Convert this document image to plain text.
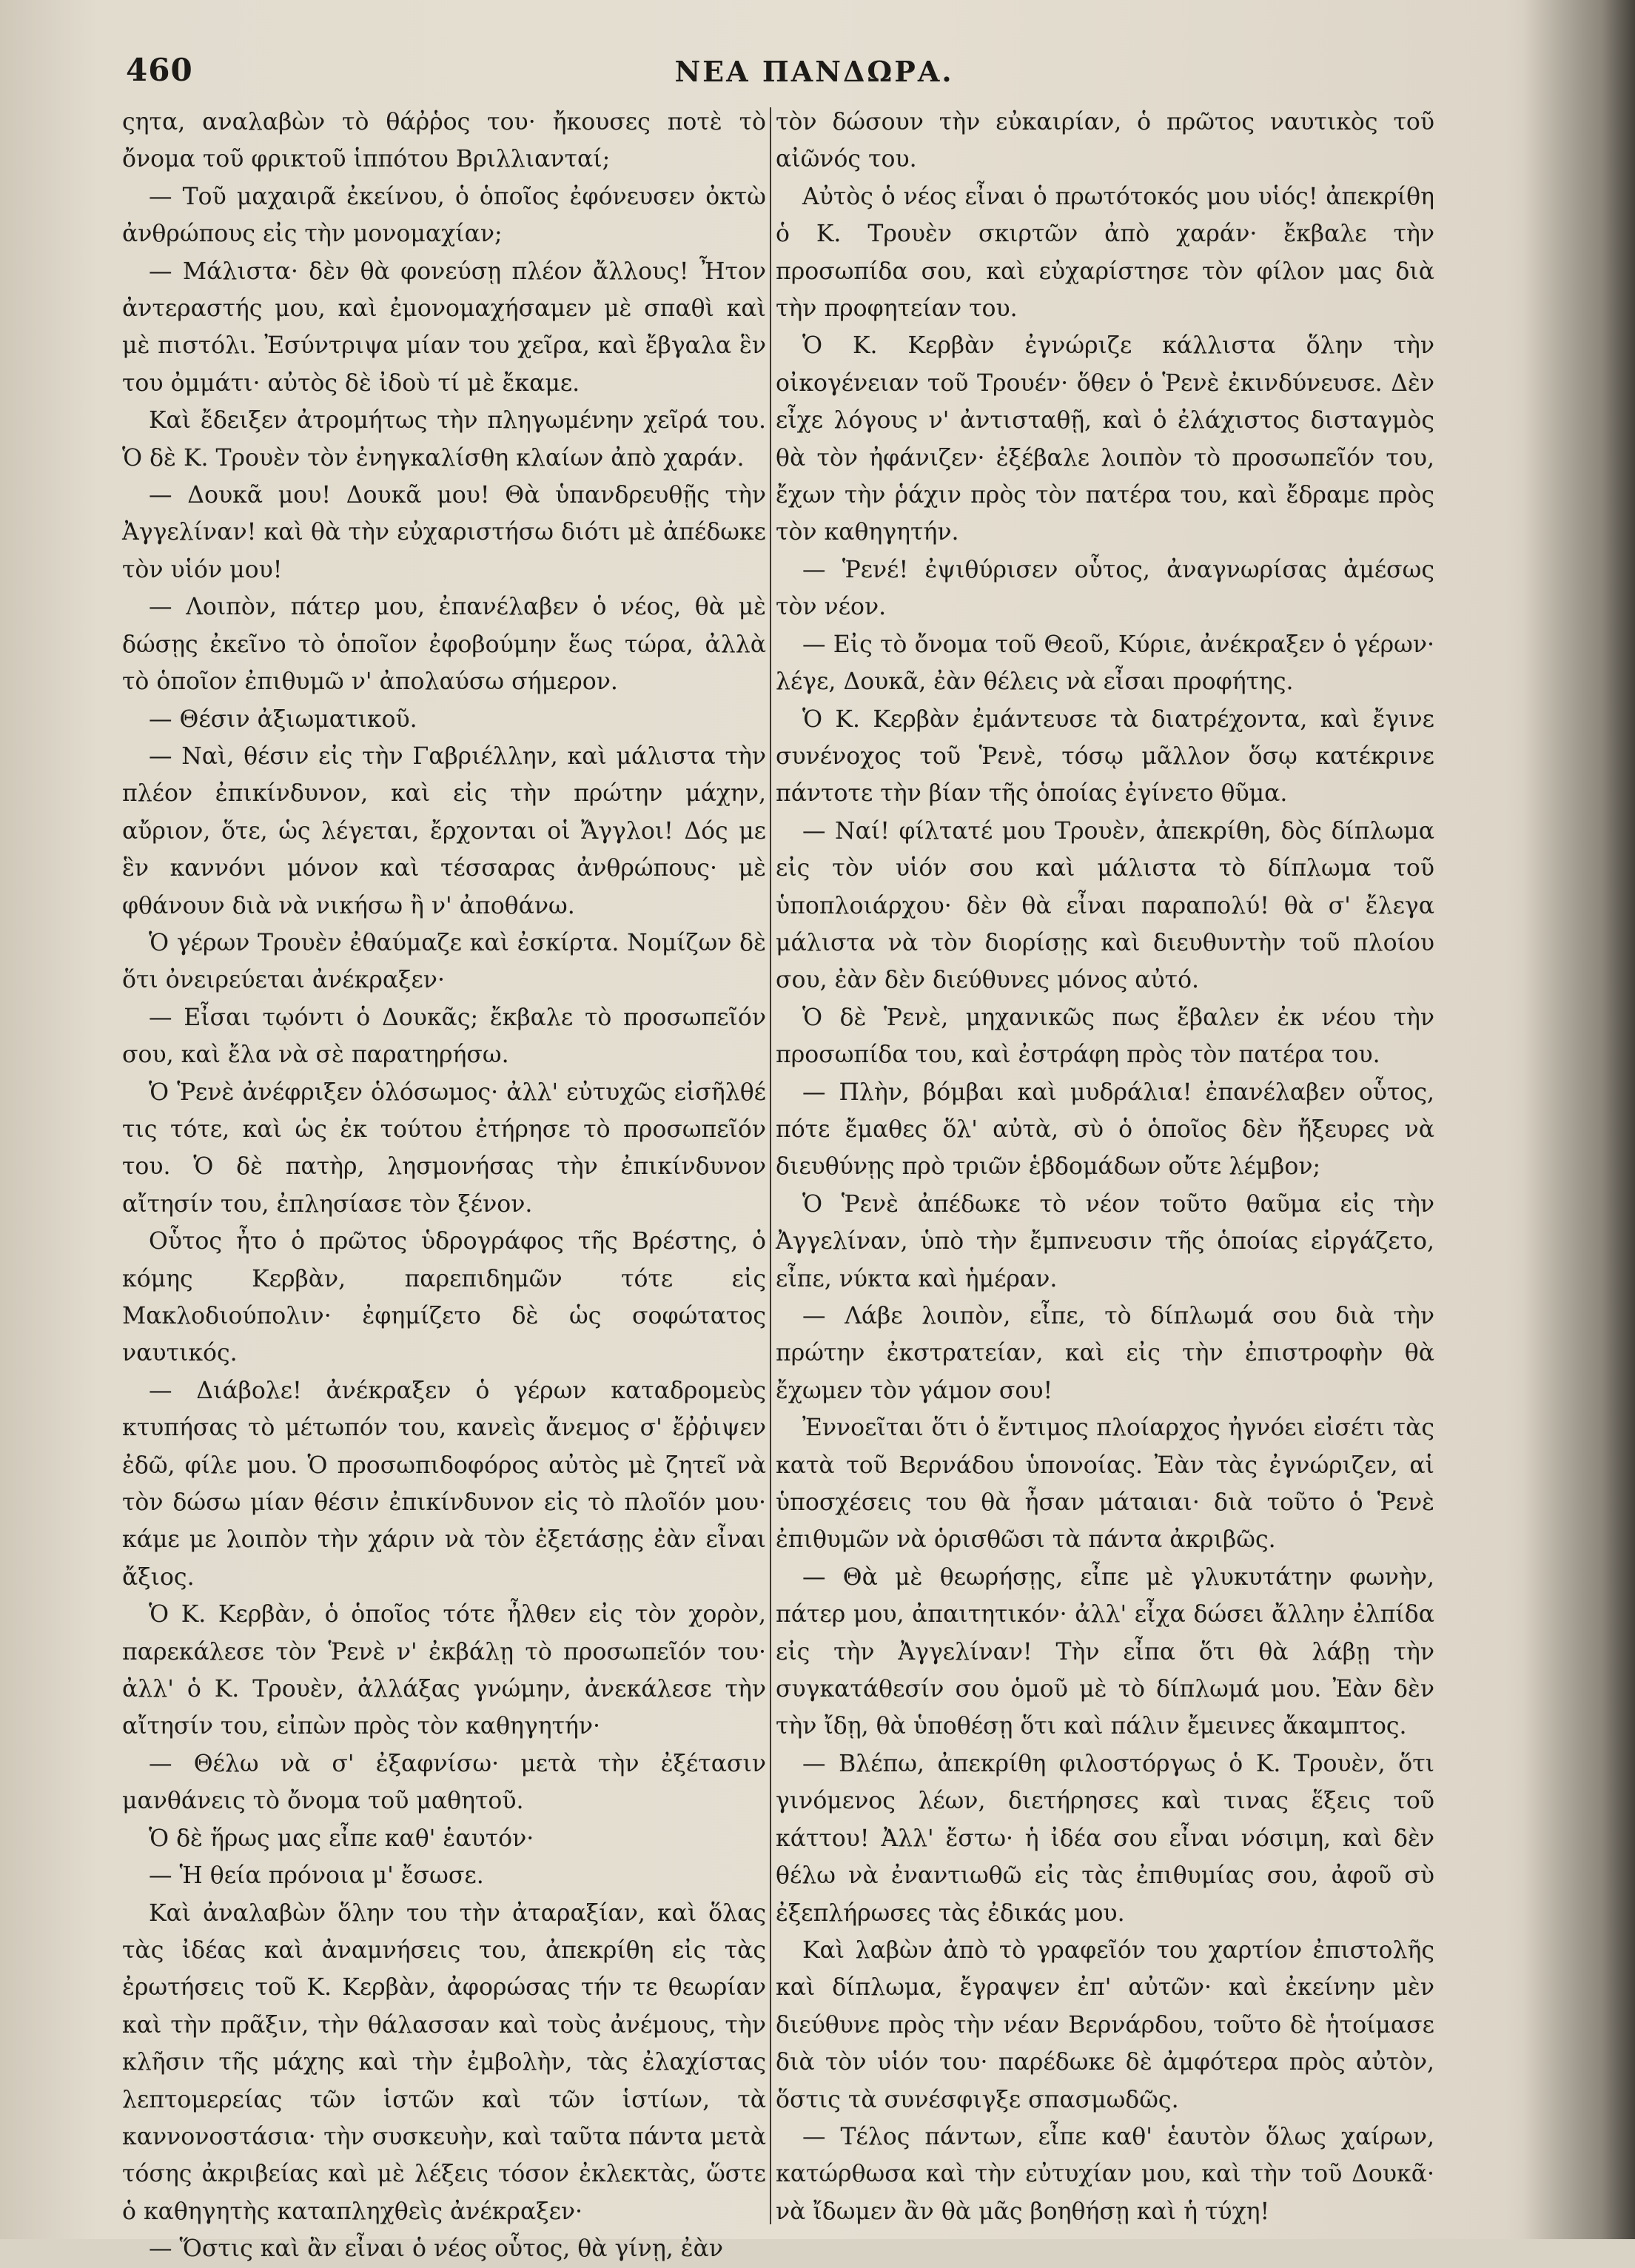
460	ΝΕΑ ΠΑΝΔΩΡΑ.

ςητα, αναλαβὼν τὸ θάῤῥος του· ἤκουσες ποτὲ τὸ ὄνομα τοῦ φρικτοῦ ἱππότου Βριλλιανταί;

— Τοῦ μαχαιρᾶ ἐκείνου, ὁ ὁποῖος ἐφόνευσεν ὀκτὼ ἀνθρώπους εἰς τὴν μονομαχίαν;

— Μάλιστα· δὲν θὰ φονεύσῃ πλέον ἄλλους! Ἦτον ἀντεραστής μου, καὶ ἐμονομαχήσαμεν μὲ σπαθὶ καὶ μὲ πιστόλι. Ἐσύντριψα μίαν του χεῖρα, καὶ ἔβγαλα ἓν του ὀμμάτι· αὐτὸς δὲ ἰδοὺ τί μὲ ἔκαμε.

Καὶ ἔδειξεν ἀτρομήτως τὴν πληγωμένην χεῖρά του. Ὁ δὲ Κ. Τρουὲν τὸν ἐνηγκαλίσθη κλαίων ἀπὸ χαράν.

— Δουκᾶ μου! Δουκᾶ μου! Θὰ ὑπανδρευθῇς τὴν Ἀγγελίναν! καὶ θὰ τὴν εὐχαριστήσω διότι μὲ ἀπέδωκε τὸν υἱόν μου!

— Λοιπὸν, πάτερ μου, ἐπανέλαβεν ὁ νέος, θὰ μὲ δώσῃς ἐκεῖνο τὸ ὁποῖον ἐφοβούμην ἕως τώρα, ἀλλὰ τὸ ὁποῖον ἐπιθυμῶ ν' ἀπολαύσω σήμερον.

— Θέσιν ἀξιωματικοῦ.

— Ναὶ, θέσιν εἰς τὴν Γαβριέλλην, καὶ μάλιστα τὴν πλέον ἐπικίνδυνον, καὶ εἰς τὴν πρώτην μάχην, αὔριον, ὅτε, ὡς λέγεται, ἔρχονται οἱ Ἄγγλοι! Δός με ἓν καννόνι μόνον καὶ τέσσαρας ἀνθρώπους· μὲ φθάνουν διὰ νὰ νικήσω ἢ ν' ἀποθάνω.

Ὁ γέρων Τρουὲν ἐθαύμαζε καὶ ἐσκίρτα. Νομίζων δὲ ὅτι ὀνειρεύεται ἀνέκραξεν·

— Εἶσαι τῳόντι ὁ Δουκᾶς; ἔκβαλε τὸ προσωπεῖόν σου, καὶ ἔλα νὰ σὲ παρατηρήσω.

Ὁ Ῥενὲ ἀνέφριξεν ὁλόσωμος· ἀλλ' εὐτυχῶς εἰσῆλθέ τις τότε, καὶ ὡς ἐκ τούτου ἐτήρησε τὸ προσωπεῖόν του. Ὁ δὲ πατὴρ, λησμονήσας τὴν ἐπικίνδυνον αἴτησίν του, ἐπλησίασε τὸν ξένον.

Οὗτος ἦτο ὁ πρῶτος ὑδρογράφος τῆς Βρέστης, ὁ κόμης Κερβὰν, παρεπιδημῶν τότε εἰς Μακλοδιούπολιν· ἐφημίζετο δὲ ὡς σοφώτατος ναυτικός.

— Διάβολε! ἀνέκραξεν ὁ γέρων καταδρομεὺς κτυπήσας τὸ μέτωπόν του, κανεὶς ἄνεμος σ' ἔῤῥιψεν ἐδῶ, φίλε μου. Ὁ προσωπιδοφόρος αὐτὸς μὲ ζητεῖ νὰ τὸν δώσω μίαν θέσιν ἐπικίνδυνον εἰς τὸ πλοῖόν μου· κάμε με λοιπὸν τὴν χάριν νὰ τὸν ἐξετάσῃς ἐὰν εἶναι ἄξιος.

Ὁ Κ. Κερβὰν, ὁ ὁποῖος τότε ἦλθεν εἰς τὸν χορὸν, παρεκάλεσε τὸν Ῥενὲ ν' ἐκβάλῃ τὸ προσωπεῖόν του· ἀλλ' ὁ Κ. Τρουὲν, ἀλλάξας γνώμην, ἀνεκάλεσε τὴν αἴτησίν του, εἰπὼν πρὸς τὸν καθηγητήν·

— Θέλω νὰ σ' ἐξαφνίσω· μετὰ τὴν ἐξέτασιν μανθάνεις τὸ ὄνομα τοῦ μαθητοῦ.

Ὁ δὲ ἥρως μας εἶπε καθ' ἑαυτόν·

— Ἡ θεία πρόνοια μ' ἔσωσε.

Καὶ ἀναλαβὼν ὅλην του τὴν ἀταραξίαν, καὶ ὅλας τὰς ἰδέας καὶ ἀναμνήσεις του, ἀπεκρίθη εἰς τὰς ἐρωτήσεις τοῦ Κ. Κερβὰν, ἀφορώσας τήν τε θεωρίαν καὶ τὴν πρᾶξιν, τὴν θάλασσαν καὶ τοὺς ἀνέμους, τὴν κλῆσιν τῆς μάχης καὶ τὴν ἐμβολὴν, τὰς ἐλαχίστας λεπτομερείας τῶν ἱστῶν καὶ τῶν ἱστίων, τὰ καννονοστάσια· τὴν συσκευὴν, καὶ ταῦτα πάντα μετὰ τόσης ἀκριβείας καὶ μὲ λέξεις τόσον ἐκλεκτὰς, ὥστε ὁ καθηγητὴς καταπληχθεὶς ἀνέκραξεν·

— Ὅστις καὶ ἂν εἶναι ὁ νέος οὗτος, θὰ γίνῃ, ἐὰν

τὸν δώσουν τὴν εὐκαιρίαν, ὁ πρῶτος ναυτικὸς τοῦ αἰῶνός του.

Αὐτὸς ὁ νέος εἶναι ὁ πρωτότοκός μου υἱός! ἀπεκρίθη ὁ Κ. Τρουὲν σκιρτῶν ἀπὸ χαράν· ἔκβαλε τὴν προσωπίδα σου, καὶ εὐχαρίστησε τὸν φίλον μας διὰ τὴν προφητείαν του.

Ὁ Κ. Κερβὰν ἐγνώριζε κάλλιστα ὅλην τὴν οἰκογένειαν τοῦ Τρουέν· ὅθεν ὁ Ῥενὲ ἐκινδύνευσε. Δὲν εἶχε λόγους ν' ἀντισταθῇ, καὶ ὁ ἐλάχιστος δισταγμὸς θὰ τὸν ἠφάνιζεν· ἐξέβαλε λοιπὸν τὸ προσωπεῖόν του, ἔχων τὴν ῥάχιν πρὸς τὸν πατέρα του, καὶ ἔδραμε πρὸς τὸν καθηγητήν.

— Ῥενέ! ἐψιθύρισεν οὗτος, ἀναγνωρίσας ἀμέσως τὸν νέον.

— Εἰς τὸ ὄνομα τοῦ Θεοῦ, Κύριε, ἀνέκραξεν ὁ γέρων· λέγε, Δουκᾶ, ἐὰν θέλεις νὰ εἶσαι προφήτης.

Ὁ Κ. Κερβὰν ἐμάντευσε τὰ διατρέχοντα, καὶ ἔγινε συνένοχος τοῦ Ῥενὲ, τόσῳ μᾶλλον ὅσῳ κατέκρινε πάντοτε τὴν βίαν τῆς ὁποίας ἐγίνετο θῦμα.

— Ναί! φίλτατέ μου Τρουὲν, ἀπεκρίθη, δὸς δίπλωμα εἰς τὸν υἱόν σου καὶ μάλιστα τὸ δίπλωμα τοῦ ὑποπλοιάρχου· δὲν θὰ εἶναι παραπολύ! θὰ σ' ἔλεγα μάλιστα νὰ τὸν διορίσῃς καὶ διευθυντὴν τοῦ πλοίου σου, ἐὰν δὲν διεύθυνες μόνος αὐτό.

Ὁ δὲ Ῥενὲ, μηχανικῶς πως ἔβαλεν ἐκ νέου τὴν προσωπίδα του, καὶ ἐστράφη πρὸς τὸν πατέρα του.

— Πλὴν, βόμβαι καὶ μυδράλια! ἐπανέλαβεν οὗτος, πότε ἔμαθες ὅλ' αὐτὰ, σὺ ὁ ὁποῖος δὲν ἤξευρες νὰ διευθύνῃς πρὸ τριῶν ἑβδομάδων οὔτε λέμβον;

Ὁ Ῥενὲ ἀπέδωκε τὸ νέον τοῦτο θαῦμα εἰς τὴν Ἀγγελίναν, ὑπὸ τὴν ἔμπνευσιν τῆς ὁποίας εἰργάζετο, εἶπε, νύκτα καὶ ἡμέραν.

— Λάβε λοιπὸν, εἶπε, τὸ δίπλωμά σου διὰ τὴν πρώτην ἐκστρατείαν, καὶ εἰς τὴν ἐπιστροφὴν θὰ ἔχωμεν τὸν γάμον σου!

Ἐννοεῖται ὅτι ὁ ἔντιμος πλοίαρχος ἠγνόει εἰσέτι τὰς κατὰ τοῦ Βερνάδου ὑπονοίας. Ἐὰν τὰς ἐγνώριζεν, αἱ ὑποσχέσεις του θὰ ἦσαν μάταιαι· διὰ τοῦτο ὁ Ῥενὲ ἐπιθυμῶν νὰ ὁρισθῶσι τὰ πάντα ἀκριβῶς.

— Θὰ μὲ θεωρήσῃς, εἶπε μὲ γλυκυτάτην φωνὴν, πάτερ μου, ἀπαιτητικόν· ἀλλ' εἶχα δώσει ἄλλην ἐλπίδα εἰς τὴν Ἀγγελίναν! Τὴν εἶπα ὅτι θὰ λάβῃ τὴν συγκατάθεσίν σου ὁμοῦ μὲ τὸ δίπλωμά μου. Ἐὰν δὲν τὴν ἴδῃ, θὰ ὑποθέσῃ ὅτι καὶ πάλιν ἔμεινες ἄκαμπτος.

— Βλέπω, ἀπεκρίθη φιλοστόργως ὁ Κ. Τρουὲν, ὅτι γινόμενος λέων, διετήρησες καὶ τινας ἕξεις τοῦ κάττου! Ἀλλ' ἔστω· ἡ ἰδέα σου εἶναι νόσιμη, καὶ δὲν θέλω νὰ ἐναντιωθῶ εἰς τὰς ἐπιθυμίας σου, ἀφοῦ σὺ ἐξεπλήρωσες τὰς ἐδικάς μου.

Καὶ λαβὼν ἀπὸ τὸ γραφεῖόν του χαρτίον ἐπιστολῆς καὶ δίπλωμα, ἔγραψεν ἐπ' αὐτῶν· καὶ ἐκείνην μὲν διεύθυνε πρὸς τὴν νέαν Βερνάρδου, τοῦτο δὲ ἡτοίμασε διὰ τὸν υἱόν του· παρέδωκε δὲ ἀμφότερα πρὸς αὐτὸν, ὅστις τὰ συνέσφιγξε σπασμωδῶς.

— Τέλος πάντων, εἶπε καθ' ἑαυτὸν ὅλως χαίρων, κατώρθωσα καὶ τὴν εὐτυχίαν μου, καὶ τὴν τοῦ Δουκᾶ· νὰ ἴδωμεν ἂν θὰ μᾶς βοηθήσῃ καὶ ἡ τύχη!
